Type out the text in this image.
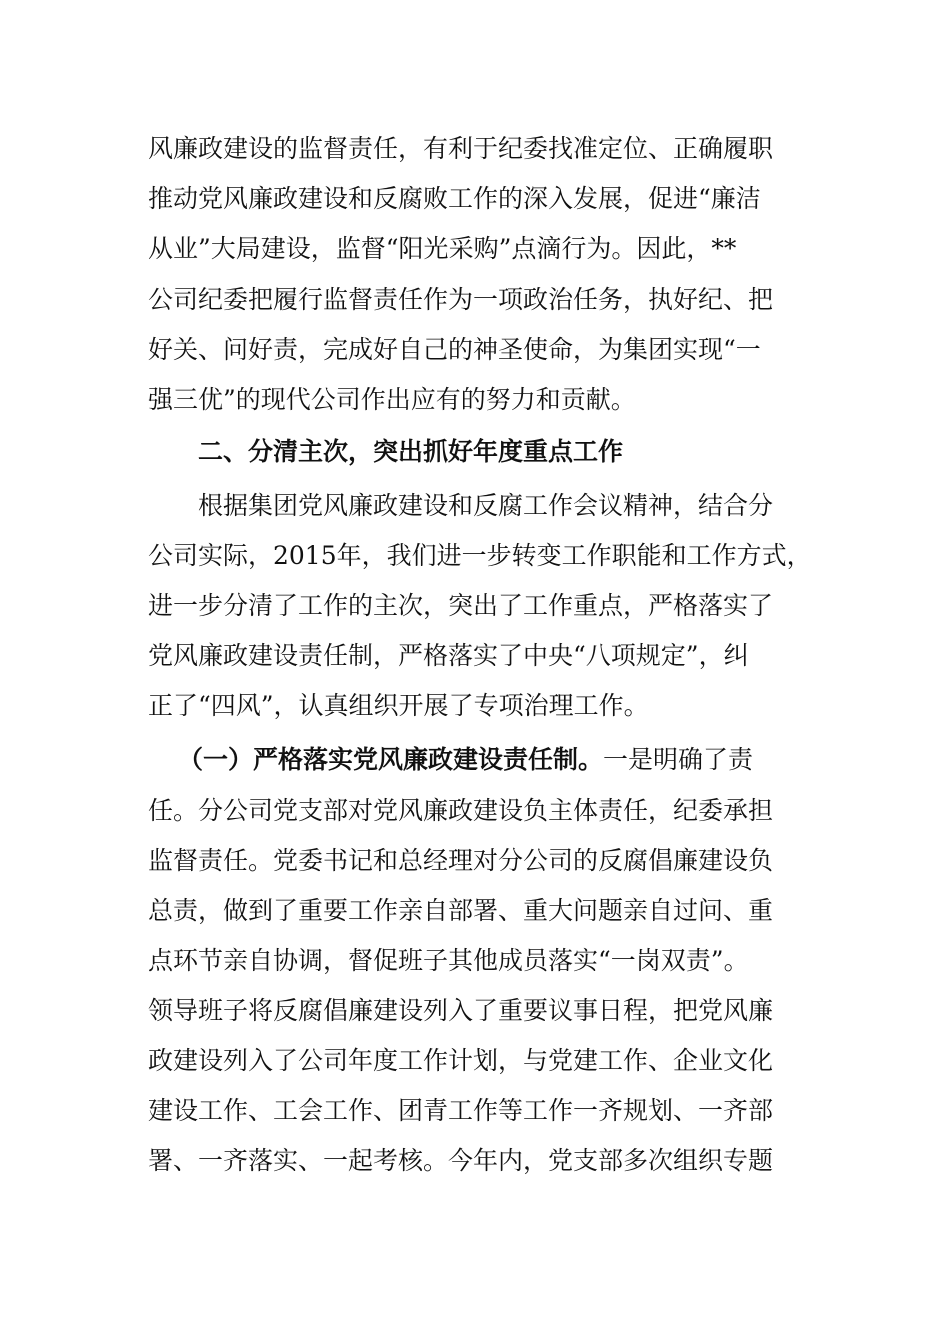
风廉政建设的监督责任，有利于纪委找准定位、正确履职
推动党风廉政建设和反腐败工作的深入发展，促进“廉洁
从业”大局建设，监督“阳光采购”点滴行为。因此，**
公司纪委把履行监督责任作为一项政治任务，执好纪、把
好关、问好责，完成好自己的神圣使命，为集团实现“一
强三优”的现代公司作出应有的努力和贡献。
二、分清主次，突出抓好年度重点工作
根据集团党风廉政建设和反腐工作会议精神，结合分
公司实际，2015年，我们进一步转变工作职能和工作方式，
进一步分清了工作的主次，突出了工作重点，严格落实了
党风廉政建设责任制，严格落实了中央“八项规定”，纠
正了“四风”，认真组织开展了专项治理工作。
（一）严格落实党风廉政建设责任制。一是明确了责
任。分公司党支部对党风廉政建设负主体责任，纪委承担
监督责任。党委书记和总经理对分公司的反腐倡廉建设负
总责，做到了重要工作亲自部署、重大问题亲自过问、重
点环节亲自协调，督促班子其他成员落实“一岗双责”。
领导班子将反腐倡廉建设列入了重要议事日程，把党风廉
政建设列入了公司年度工作计划，与党建工作、企业文化
建设工作、工会工作、团青工作等工作一齐规划、一齐部
署、一齐落实、一起考核。今年内，党支部多次组织专题
